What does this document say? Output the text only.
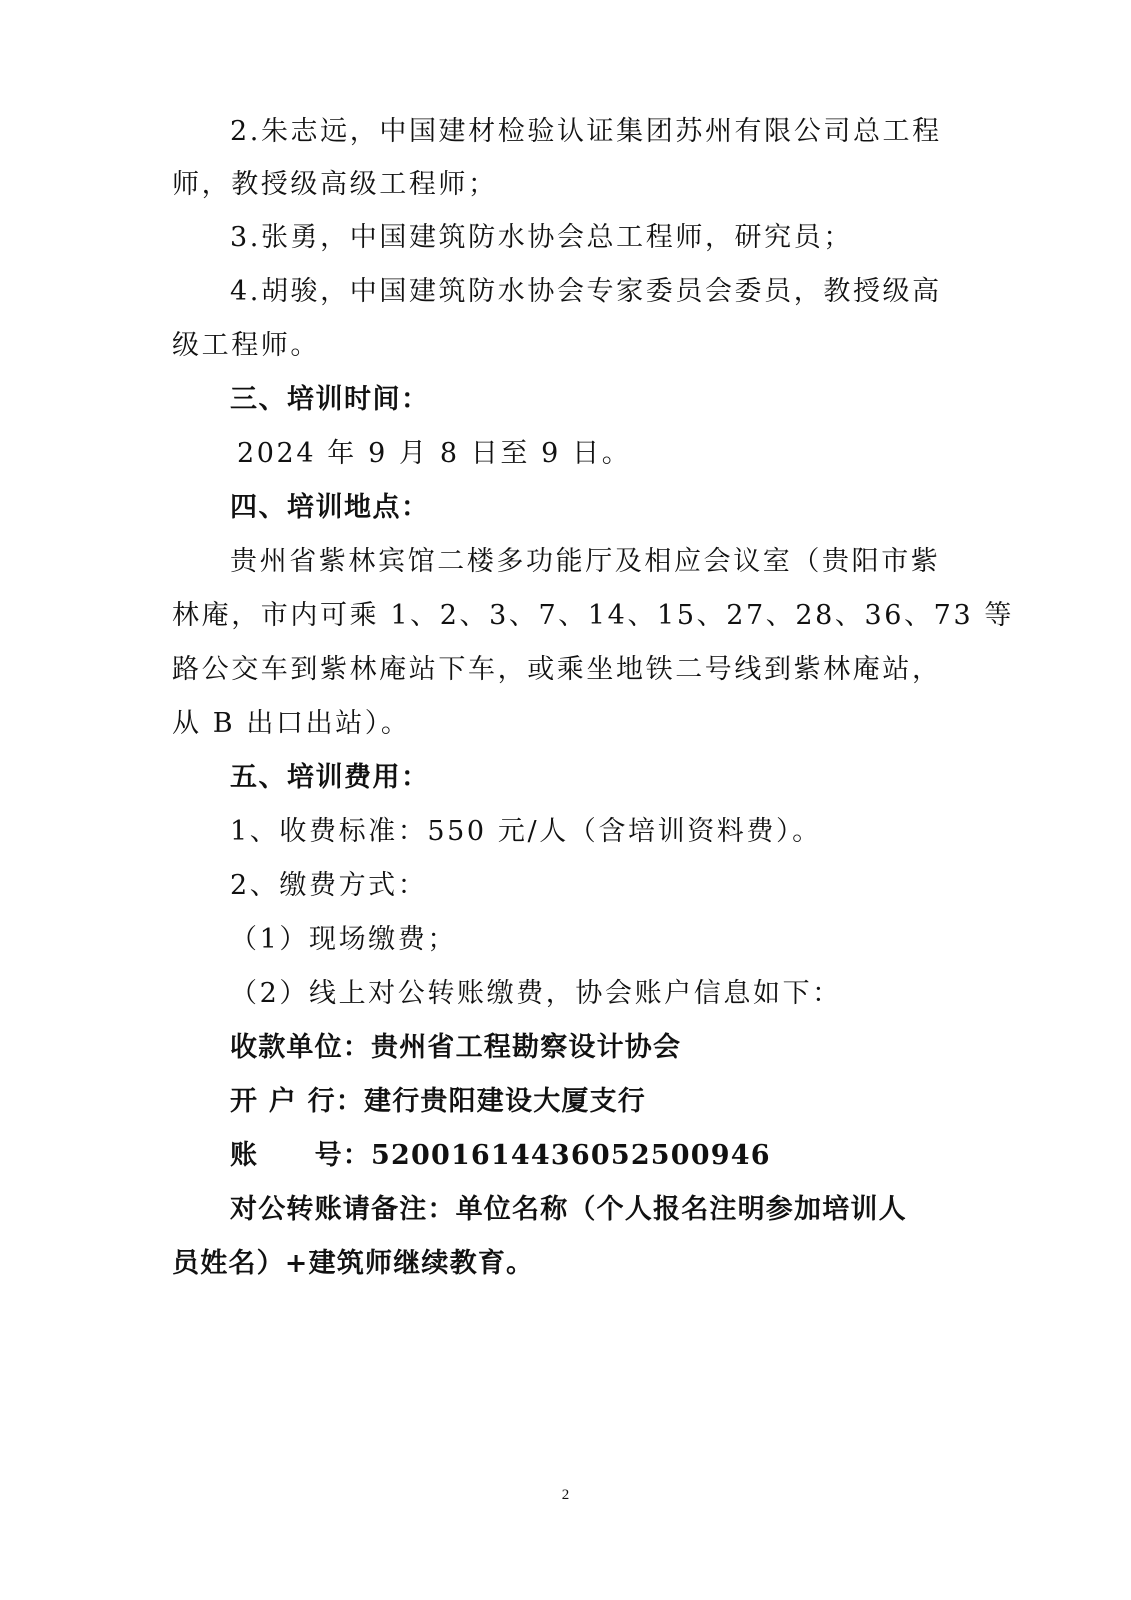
2.朱志远，中国建材检验认证集团苏州有限公司总工程
师，教授级高级工程师；
3.张勇，中国建筑防水协会总工程师，研究员；
4.胡骏，中国建筑防水协会专家委员会委员，教授级高
级工程师。
三、培训时间：
2024 年 9 月 8 日至 9 日。
四、培训地点：
贵州省紫林宾馆二楼多功能厅及相应会议室（贵阳市紫
林庵，市内可乘 1、2、3、7、14、15、27、28、36、73 等
路公交车到紫林庵站下车，或乘坐地铁二号线到紫林庵站，
从 B 出口出站）。
五、培训费用：
1、收费标准：550 元/人（含培训资料费）。
2、缴费方式：
（1）现场缴费；
（2）线上对公转账缴费，协会账户信息如下：
收款单位：贵州省工程勘察设计协会
开 户 行：建行贵阳建设大厦支行
账　　号：52001614436052500946
对公转账请备注：单位名称（个人报名注明参加培训人
员姓名）+建筑师继续教育。
2
